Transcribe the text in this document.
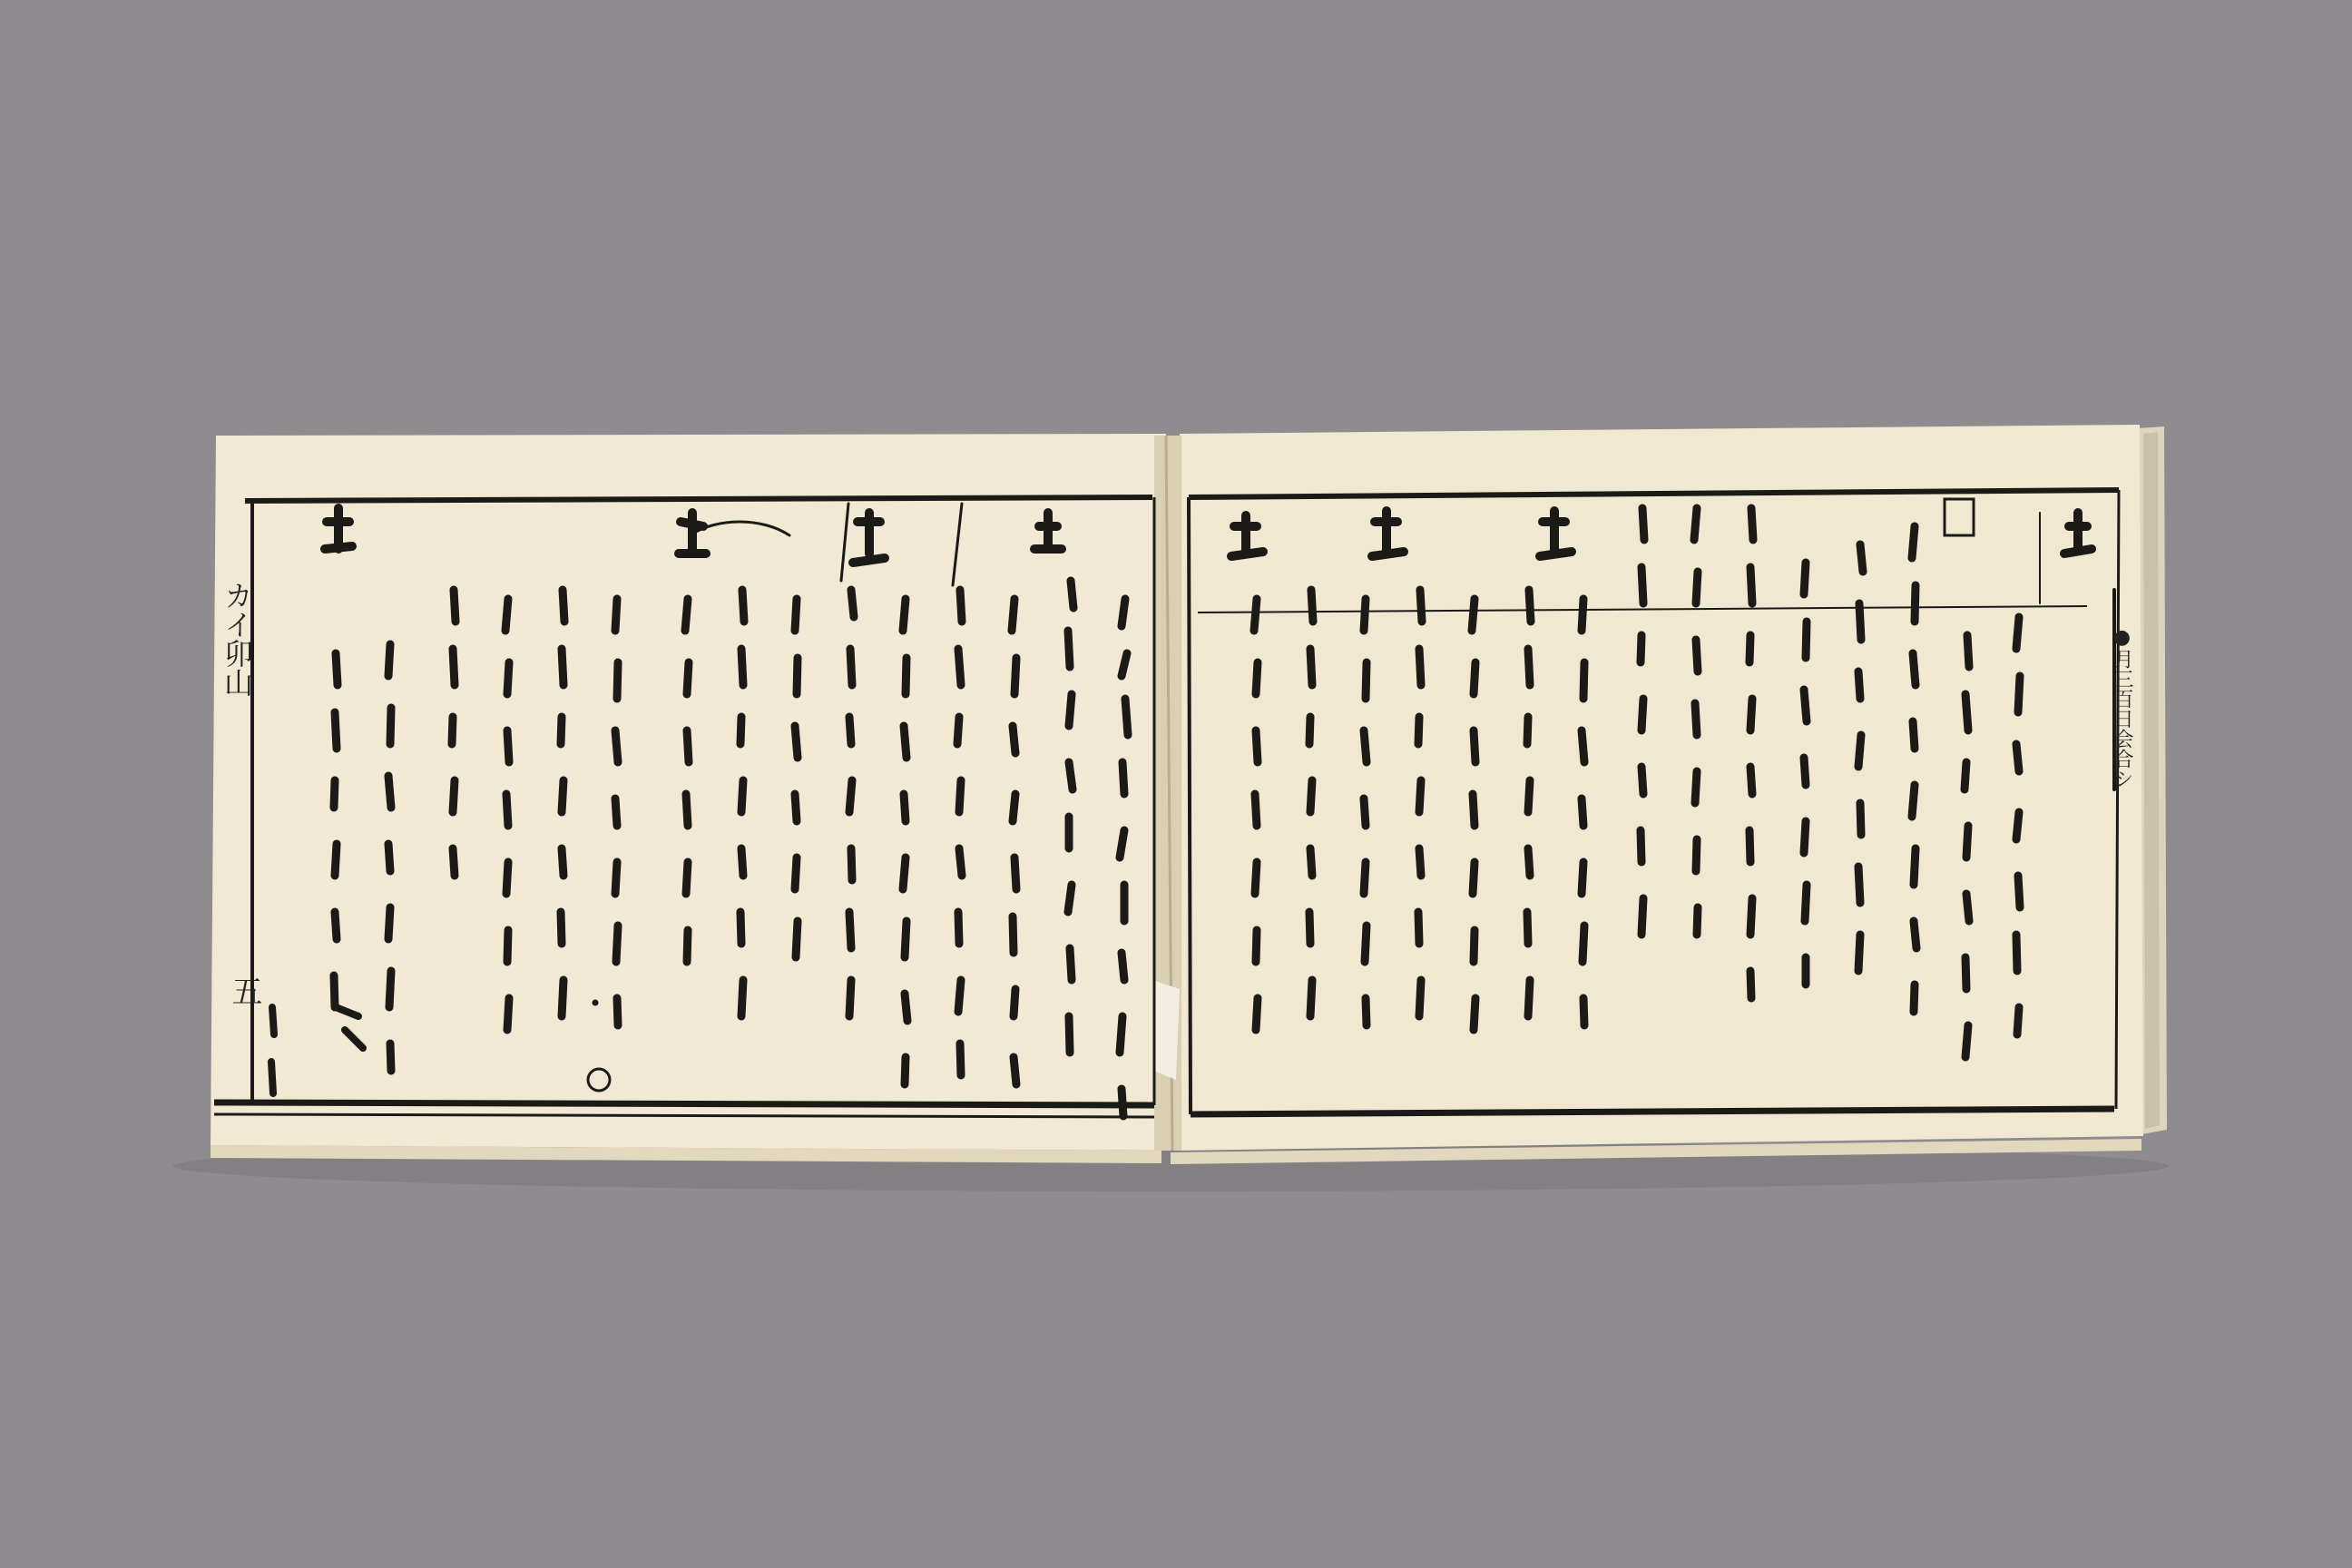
カイ卯山
五
●月三百日会合シ
